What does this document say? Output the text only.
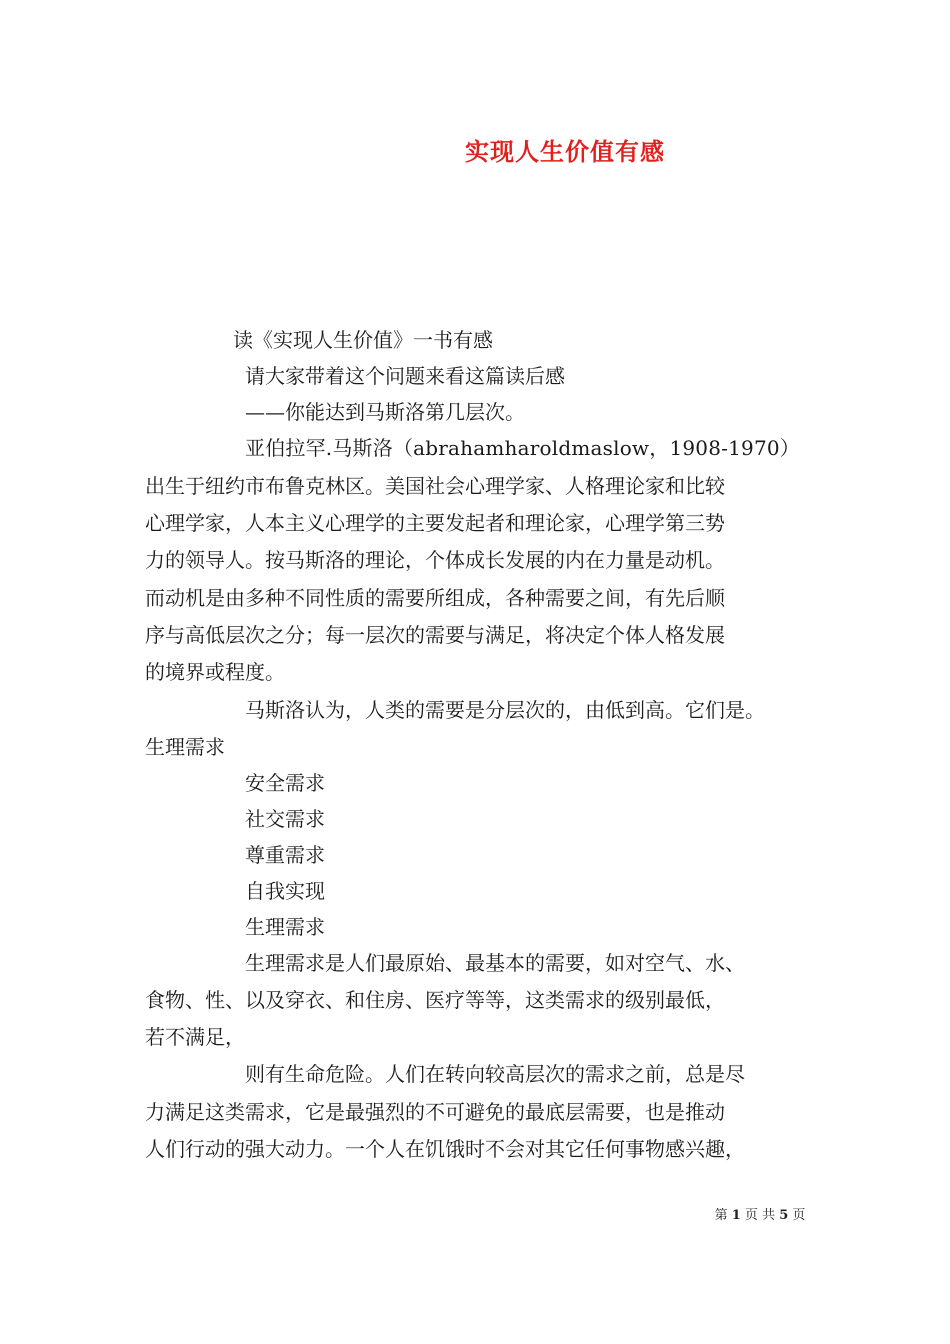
实现人生价值有感
读《实现人生价值》一书有感
请大家带着这个问题来看这篇读后感
——你能达到马斯洛第几层次。
亚伯拉罕.马斯洛（abrahamharoldmaslow，1908-1970）
出生于纽约市布鲁克林区。美国社会心理学家、人格理论家和比较
心理学家，人本主义心理学的主要发起者和理论家，心理学第三势
力的领导人。按马斯洛的理论，个体成长发展的内在力量是动机。
而动机是由多种不同性质的需要所组成，各种需要之间，有先后顺
序与高低层次之分；每一层次的需要与满足，将决定个体人格发展
的境界或程度。
马斯洛认为，人类的需要是分层次的，由低到高。它们是。
生理需求
安全需求
社交需求
尊重需求
自我实现
生理需求
生理需求是人们最原始、最基本的需要，如对空气、水、
食物、性、以及穿衣、和住房、医疗等等，这类需求的级别最低，
若不满足，
则有生命危险。人们在转向较高层次的需求之前，总是尽
力满足这类需求，它是最强烈的不可避免的最底层需要，也是推动
人们行动的强大动力。一个人在饥饿时不会对其它任何事物感兴趣，
第 1 页 共 5 页
